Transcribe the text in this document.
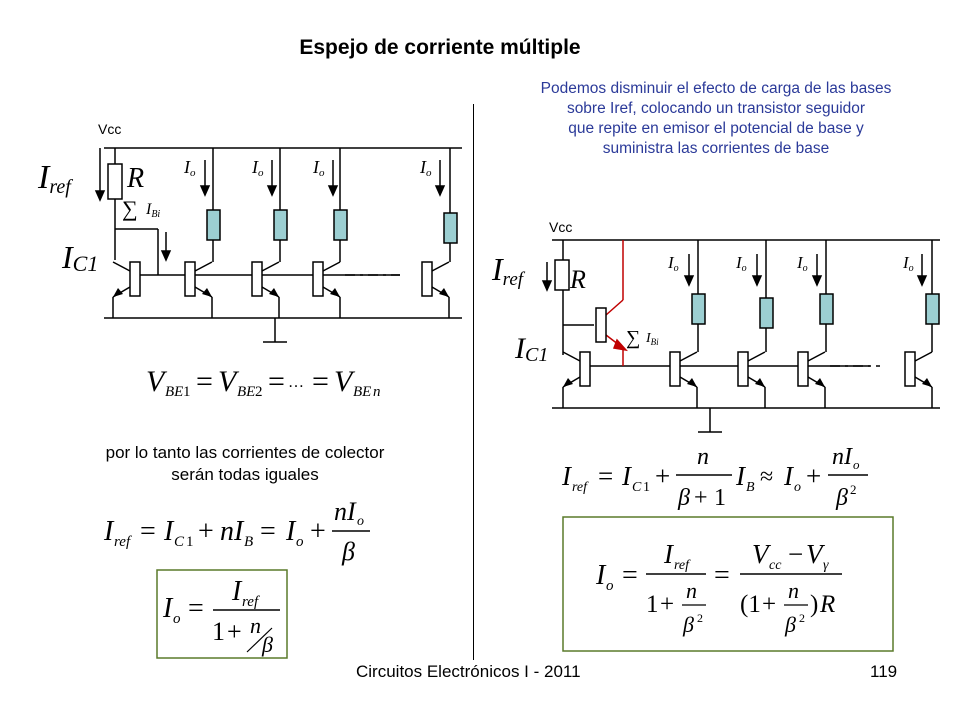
Espejo de corriente múltiple
Podemos disminuir el efecto de carga de las bases
sobre Iref, colocando un transistor seguidor
que repite en emisor el potencial de base y
suministra las corrientes de base
Vcc
Iref R
∑ IBi
IC1
Io	Io	Io	Io
Iref R
∑ $I_{Bi}$
IC1
Io	Io	Io	Io
V BE 1 = V BE 2 = … = V BE n
I ref = I C 1 + nI B = I o +
nI o
β
I o =
I ref
1 + n
β
I ref = I C 1 +
n
β + 1
I B ≈ I o +
nI o
β 2
I o =
I ref
1 +
n
β 2
=
V cc − V γ
(1 +
n
β 2 ) R
Vcc
por lo tanto las corrientes de colector
serán todas iguales
Circuitos Electrónicos I - 2011	119
